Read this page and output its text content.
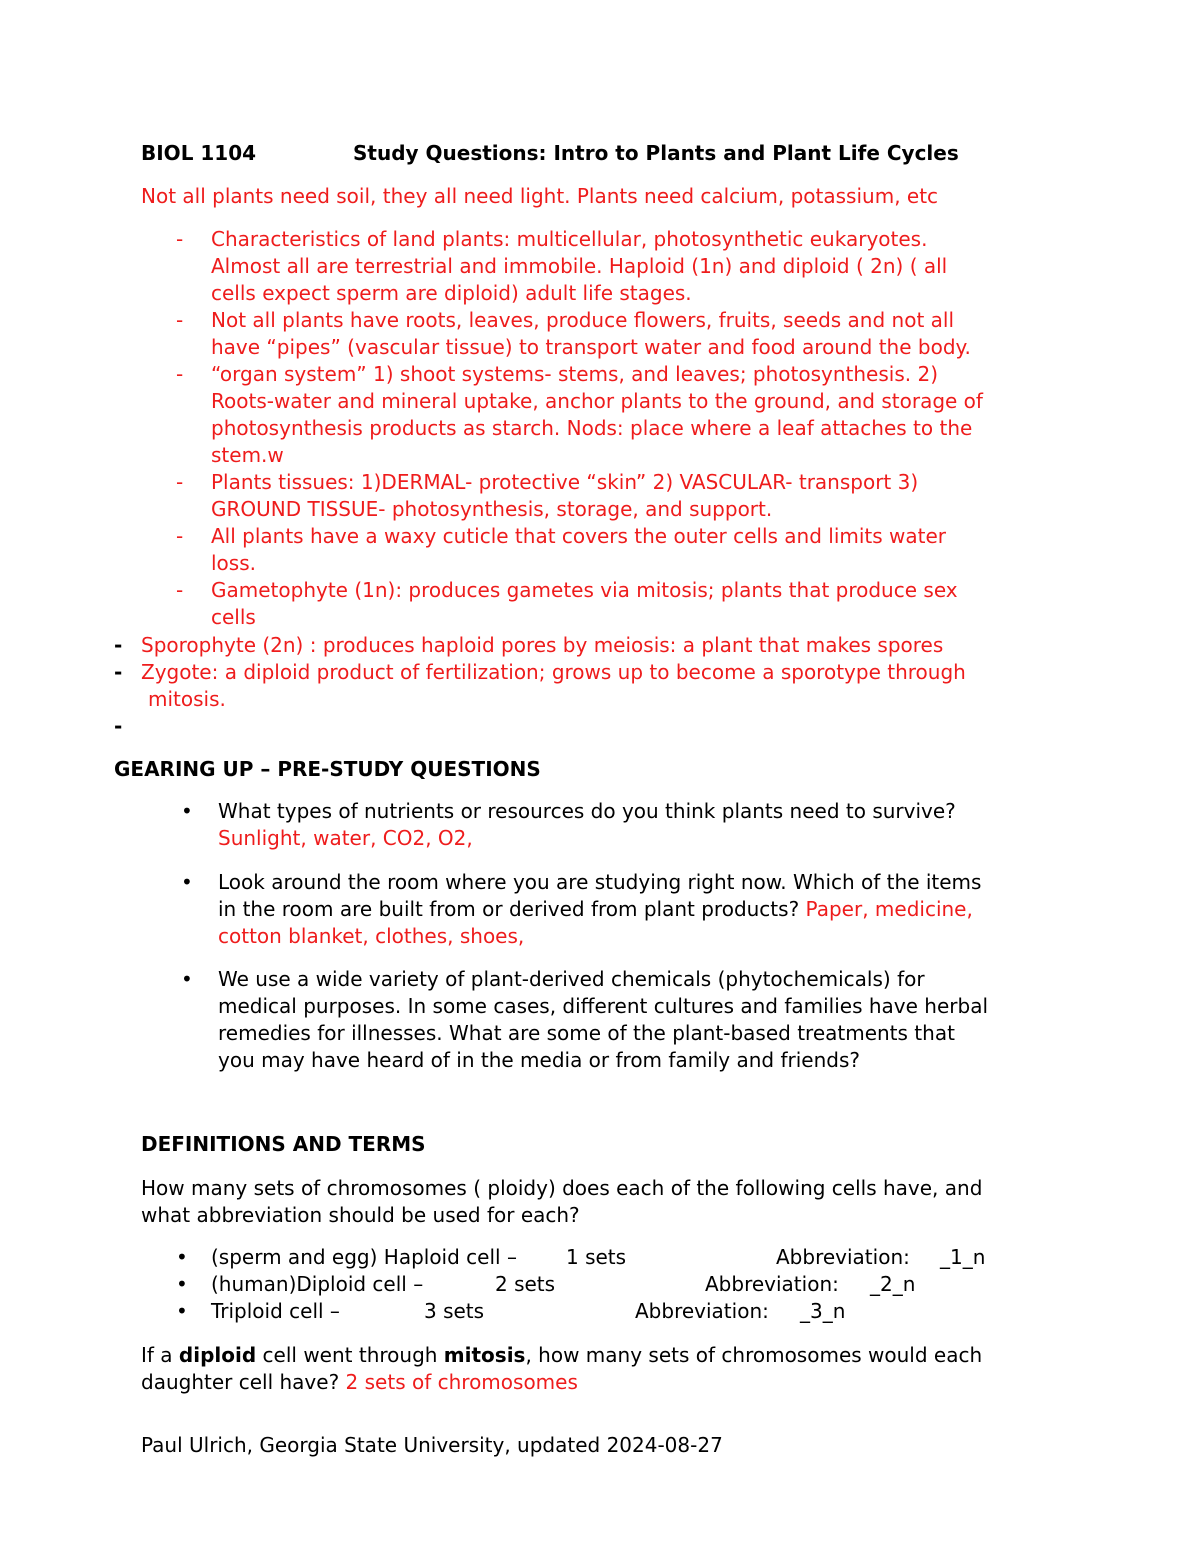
BIOL 1104	Study Questions: Intro to Plants and Plant Life Cycles
Not all plants need soil, they all need light. Plants need calcium, potassium, etc
- Characteristics of land plants: multicellular, photosynthetic eukaryotes.
Almost all are terrestrial and immobile. Haploid (1n) and diploid ( 2n) ( all
cells expect sperm are diploid) adult life stages.
- Not all plants have roots, leaves, produce flowers, fruits, seeds and not all
have “pipes” (vascular tissue) to transport water and food around the body.
- “organ system” 1) shoot systems- stems, and leaves; photosynthesis. 2)
Roots-water and mineral uptake, anchor plants to the ground, and storage of
photosynthesis products as starch. Nods: place where a leaf attaches to the
stem.w
- Plants tissues: 1)DERMAL- protective “skin” 2) VASCULAR- transport 3)
GROUND TISSUE- photosynthesis, storage, and support.
- All plants have a waxy cuticle that covers the outer cells and limits water
loss.
- Gametophyte (1n): produces gametes via mitosis; plants that produce sex
cells
- Sporophyte (2n) : produces haploid pores by meiosis: a plant that makes spores
- Zygote: a diploid product of fertilization; grows up to become a sporotype through
mitosis.
-
GEARING UP – PRE-STUDY QUESTIONS
• What types of nutrients or resources do you think plants need to survive?
Sunlight, water, CO2, O2,
• Look around the room where you are studying right now. Which of the items
in the room are built from or derived from plant products? Paper, medicine,
cotton blanket, clothes, shoes,
• We use a wide variety of plant-derived chemicals (phytochemicals) for
medical purposes. In some cases, different cultures and families have herbal
remedies for illnesses. What are some of the plant-based treatments that
you may have heard of in the media or from family and friends?
DEFINITIONS AND TERMS
How many sets of chromosomes ( ploidy) does each of the following cells have, and
what abbreviation should be used for each?
• (sperm and egg) Haploid cell – 1 sets	Abbreviation: _1_n
• (human)Diploid cell –	2 sets	Abbreviation: _2_n
• Triploid cell –	3 sets	Abbreviation: _3_n
If a diploid cell went through mitosis, how many sets of chromosomes would each
daughter cell have? 2 sets of chromosomes
Paul Ulrich, Georgia State University, updated 2024-08-27
